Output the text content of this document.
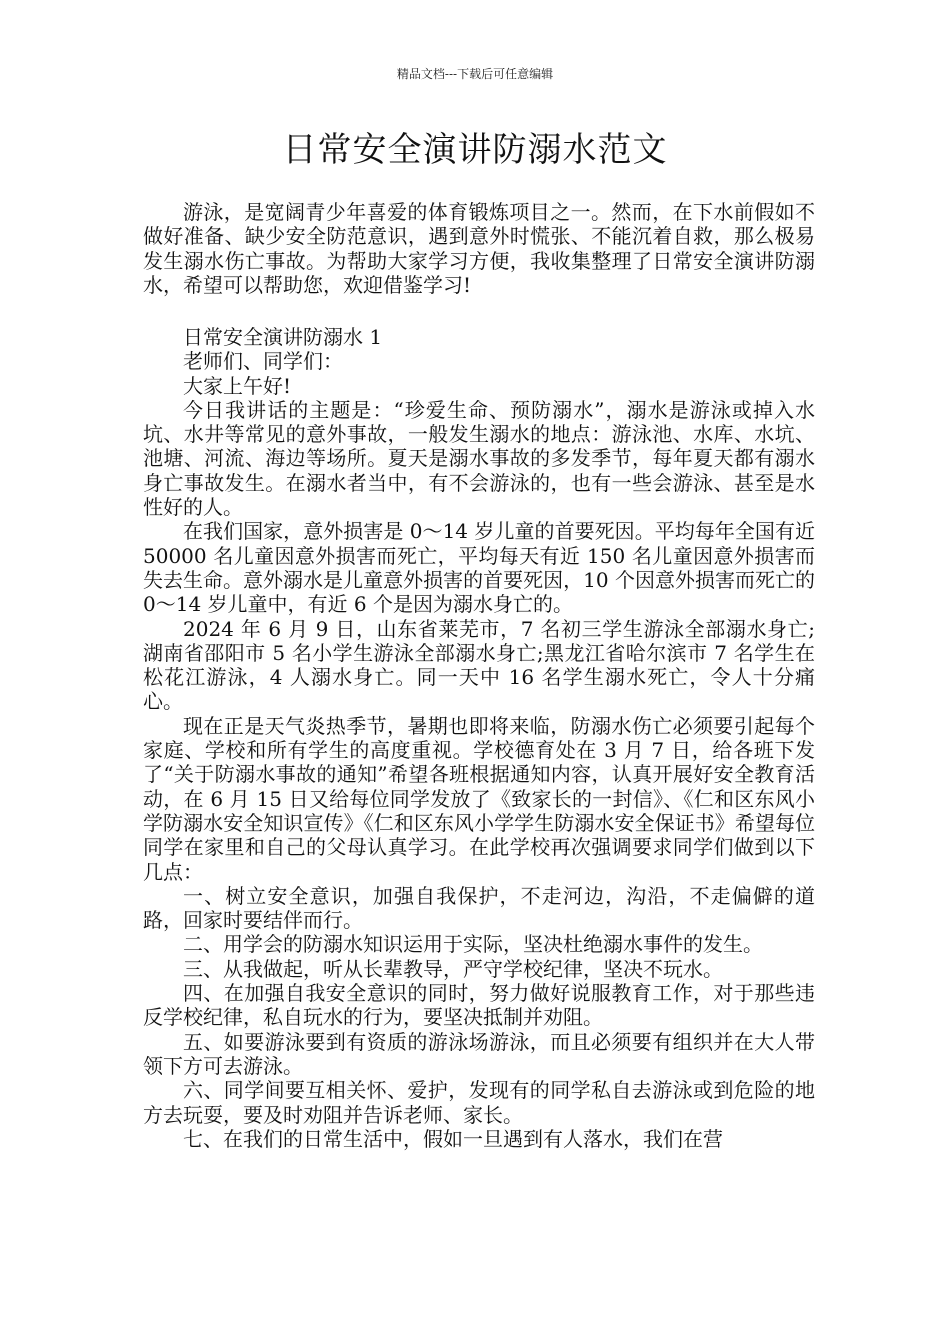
精品文档---下载后可任意编辑
日常安全演讲防溺水范文

游泳，是宽阔青少年喜爱的体育锻炼项目之一。然而，在下水前假如不做好准备、缺少安全防范意识，遇到意外时慌张、不能沉着自救，那么极易发生溺水伤亡事故。为帮助大家学习方便，我收集整理了日常安全演讲防溺水，希望可以帮助您，欢迎借鉴学习!

日常安全演讲防溺水 1

老师们、同学们：

大家上午好!

今日我讲话的主题是：“珍爱生命、预防溺水”，溺水是游泳或掉入水坑、水井等常见的意外事故，一般发生溺水的地点：游泳池、水库、水坑、池塘、河流、海边等场所。夏天是溺水事故的多发季节，每年夏天都有溺水身亡事故发生。在溺水者当中，有不会游泳的，也有一些会游泳、甚至是水性好的人。

在我们国家，意外损害是 0～14 岁儿童的首要死因。平均每年全国有近 50000 名儿童因意外损害而死亡，平均每天有近 150 名儿童因意外损害而失去生命。意外溺水是儿童意外损害的首要死因，10 个因意外损害而死亡的 0～14 岁儿童中，有近 6 个是因为溺水身亡的。

2024 年 6 月 9 日，山东省莱芜市，7 名初三学生游泳全部溺水身亡;湖南省邵阳市 5 名小学生游泳全部溺水身亡;黑龙江省哈尔滨市 7 名学生在松花江游泳，4 人溺水身亡。同一天中 16 名学生溺水死亡，令人十分痛心。

现在正是天气炎热季节，暑期也即将来临，防溺水伤亡必须要引起每个家庭、学校和所有学生的高度重视。学校德育处在 3 月 7 日，给各班下发了“关于防溺水事故的通知”希望各班根据通知内容，认真开展好安全教育活动，在 6 月 15 日又给每位同学发放了《致家长的一封信》、《仁和区东风小学防溺水安全知识宣传》《仁和区东风小学学生防溺水安全保证书》希望每位同学在家里和自己的父母认真学习。在此学校再次强调要求同学们做到以下几点：

一、树立安全意识，加强自我保护，不走河边，沟沿，不走偏僻的道路，回家时要结伴而行。

二、用学会的防溺水知识运用于实际，坚决杜绝溺水事件的发生。

三、从我做起，听从长辈教导，严守学校纪律，坚决不玩水。

四、在加强自我安全意识的同时，努力做好说服教育工作，对于那些违反学校纪律，私自玩水的行为，要坚决抵制并劝阻。

五、如要游泳要到有资质的游泳场游泳，而且必须要有组织并在大人带领下方可去游泳。

六、同学间要互相关怀、爱护，发现有的同学私自去游泳或到危险的地方去玩耍，要及时劝阻并告诉老师、家长。

七、在我们的日常生活中，假如一旦遇到有人落水，我们在营
